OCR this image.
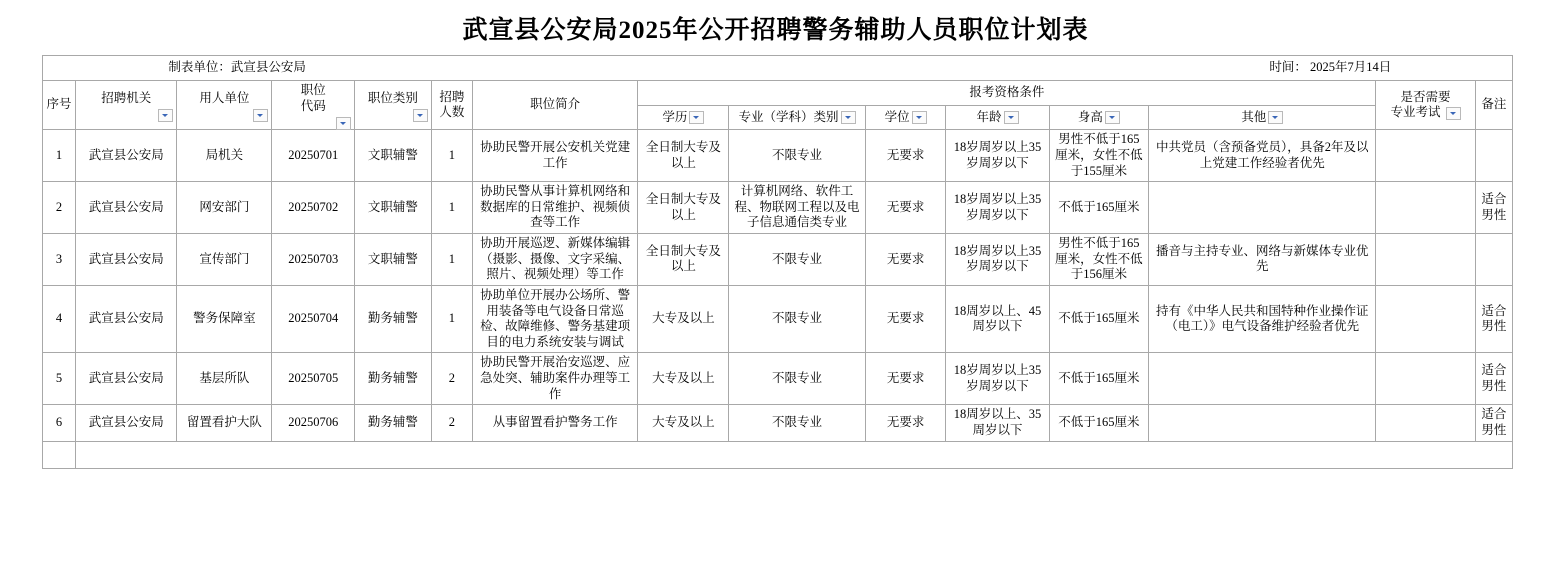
武宣县公安局2025年公开招聘警务辅助人员职位计划表
制表单位：武宣县公安局												时间： 2025年7月14日		
序号	招聘机关	用人单位	职位
代码	职位类别	招聘
人数	职位简介	报考资格条件						是否需要
专业考试	备注
							学历	专业（学科）类别	学位	年龄	身高	其他		
1	武宣县公安局	局机关	20250701	文职辅警	1	协助民警开展公安机关党建工作	全日制大专及以上	不限专业	无要求	18岁周岁以上35岁周岁以下	男性不低于165厘米，女性不低于155厘米	中共党员（含预备党员），具备2年及以上党建工作经验者优先		
2	武宣县公安局	网安部门	20250702	文职辅警	1	协助民警从事计算机网络和数据库的日常维护、视频侦查等工作	全日制大专及以上	计算机网络、软件工程、物联网工程以及电子信息通信类专业	无要求	18岁周岁以上35岁周岁以下	不低于165厘米			适合男性
3	武宣县公安局	宣传部门	20250703	文职辅警	1	协助开展巡逻、新媒体编辑（摄影、摄像、文字采编、照片、视频处理）等工作	全日制大专及以上	不限专业	无要求	18岁周岁以上35岁周岁以下	男性不低于165厘米，女性不低于156厘米	播音与主持专业、网络与新媒体专业优先		
4	武宣县公安局	警务保障室	20250704	勤务辅警	1	协助单位开展办公场所、警用装备等电气设备日常巡检、故障维修、警务基建项目的电力系统安装与调试	大专及以上	不限专业	无要求	18周岁以上、45周岁以下	不低于165厘米	持有《中华人民共和国特种作业操作证（电工）》电气设备维护经验者优先		适合男性
5	武宣县公安局	基层所队	20250705	勤务辅警	2	协助民警开展治安巡逻、应急处突、辅助案件办理等工作	大专及以上	不限专业	无要求	18岁周岁以上35岁周岁以下	不低于165厘米			适合男性
6	武宣县公安局	留置看护大队	20250706	勤务辅警	2	从事留置看护警务工作	大专及以上	不限专业	无要求	18周岁以上、35周岁以下	不低于165厘米			适合男性
